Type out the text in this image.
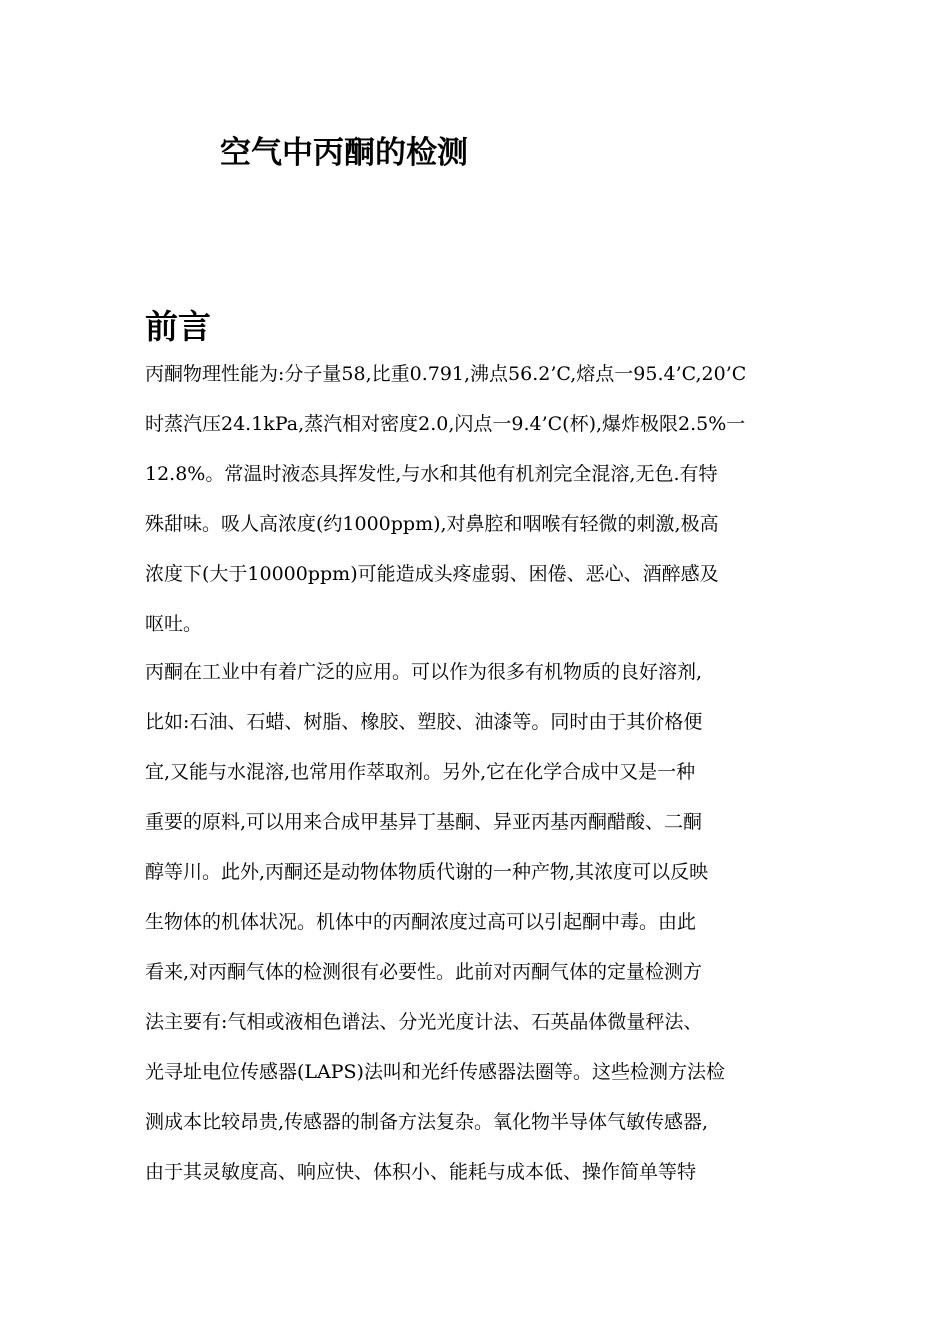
空气中丙酮的检测
前言

丙酮物理性能为:分子量58,比重0.791,沸点56.2’C,熔点一95.4’C,20’C

时蒸汽压24.1kPa,蒸汽相对密度2.0,闪点一9.4’C(杯),爆炸极限2.5%一

12.8%。常温时液态具挥发性,与水和其他有机剂完全混溶,无色.有特

殊甜味。吸人高浓度(约1000ppm),对鼻腔和咽喉有轻微的刺激,极高

浓度下(大于10000ppm)可能造成头疼虚弱、困倦、恶心、酒醉感及

呕吐。

丙酮在工业中有着广泛的应用。可以作为很多有机物质的良好溶剂,

比如:石油、石蜡、树脂、橡胶、塑胶、油漆等。同时由于其价格便

宜,又能与水混溶,也常用作萃取剂。另外,它在化学合成中又是一种

重要的原料,可以用来合成甲基异丁基酮、异亚丙基丙酮醋酸、二酮

醇等川。此外,丙酮还是动物体物质代谢的一种产物,其浓度可以反映

生物体的机体状况。机体中的丙酮浓度过高可以引起酮中毒。由此

看来,对丙酮气体的检测很有必要性。此前对丙酮气体的定量检测方

法主要有:气相或液相色谱法、分光光度计法、石英晶体微量秤法、

光寻址电位传感器(LAPS)法叫和光纤传感器法圈等。这些检测方法检

测成本比较昂贵,传感器的制备方法复杂。氧化物半导体气敏传感器,

由于其灵敏度高、响应快、体积小、能耗与成本低、操作简单等特
